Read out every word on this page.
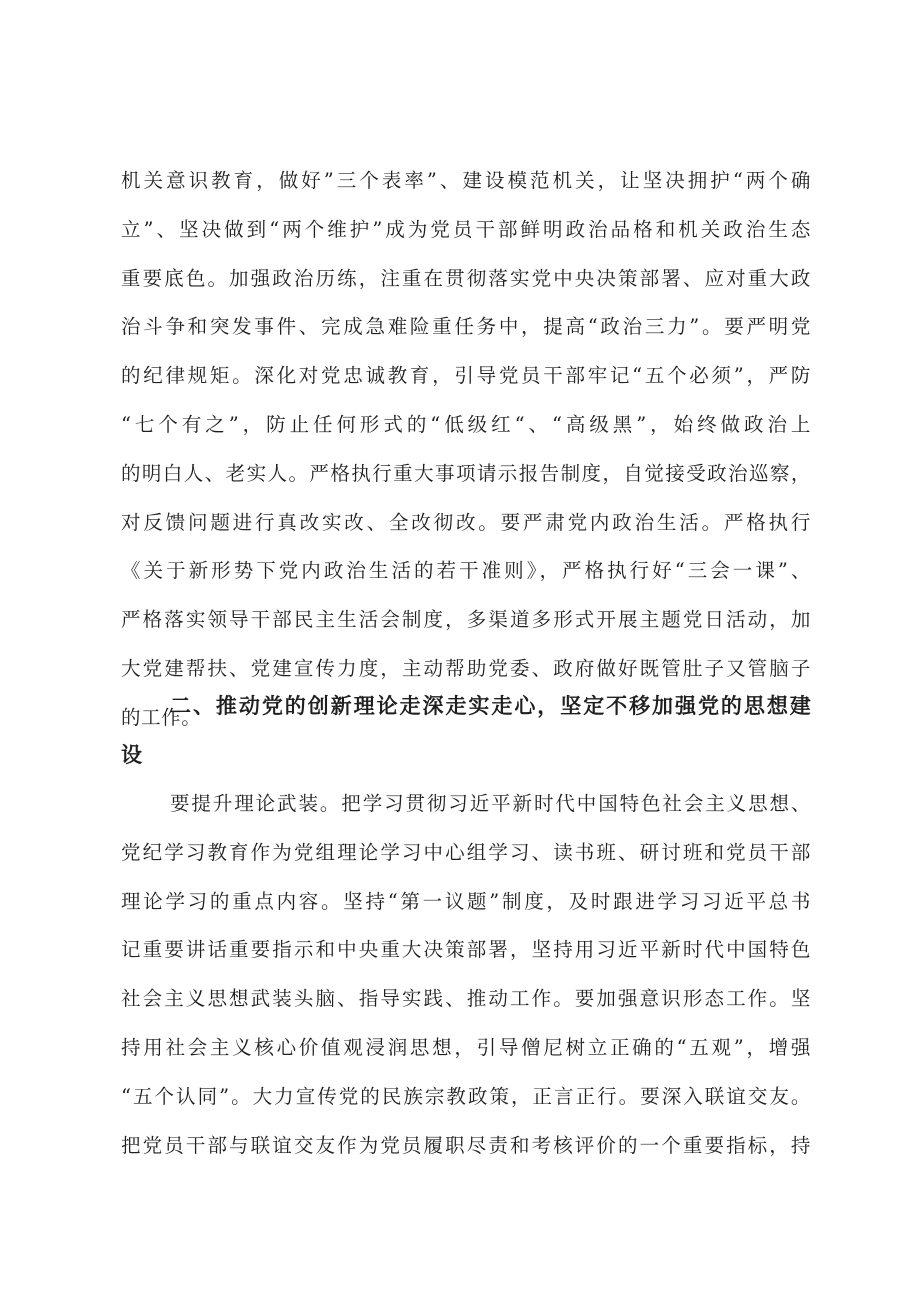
机关意识教育，做好”三个表率”、建设模范机关，让坚决拥护“两个确
立”、坚决做到“两个维护”成为党员干部鲜明政治品格和机关政治生态
重要底色。加强政治历练，注重在贯彻落实党中央决策部署、应对重大政
治斗争和突发事件、完成急难险重任务中，提高“政治三力”。要严明党
的纪律规矩。深化对党忠诚教育，引导党员干部牢记“五个必须”，严防
“七个有之”，防止任何形式的“低级红“、“高级黑”，始终做政治上
的明白人、老实人。严格执行重大事项请示报告制度，自觉接受政治巡察，
对反馈问题进行真改实改、全改彻改。要严肃党内政治生活。严格执行
《关于新形势下党内政治生活的若干准则》，严格执行好“三会一课”、
严格落实领导干部民主生活会制度，多渠道多形式开展主题党日活动，加
大党建帮扶、党建宣传力度，主动帮助党委、政府做好既管肚子又管脑子
的工作。
二、推动党的创新理论走深走实走心，坚定不移加强党的思想建
设
要提升理论武装。把学习贯彻习近平新时代中国特色社会主义思想、
党纪学习教育作为党组理论学习中心组学习、读书班、研讨班和党员干部
理论学习的重点内容。坚持“第一议题”制度，及时跟进学习习近平总书
记重要讲话重要指示和中央重大决策部署，坚持用习近平新时代中国特色
社会主义思想武装头脑、指导实践、推动工作。要加强意识形态工作。坚
持用社会主义核心价值观浸润思想，引导僧尼树立正确的“五观”，增强
“五个认同”。大力宣传党的民族宗教政策，正言正行。要深入联谊交友。
把党员干部与联谊交友作为党员履职尽责和考核评价的一个重要指标，持
